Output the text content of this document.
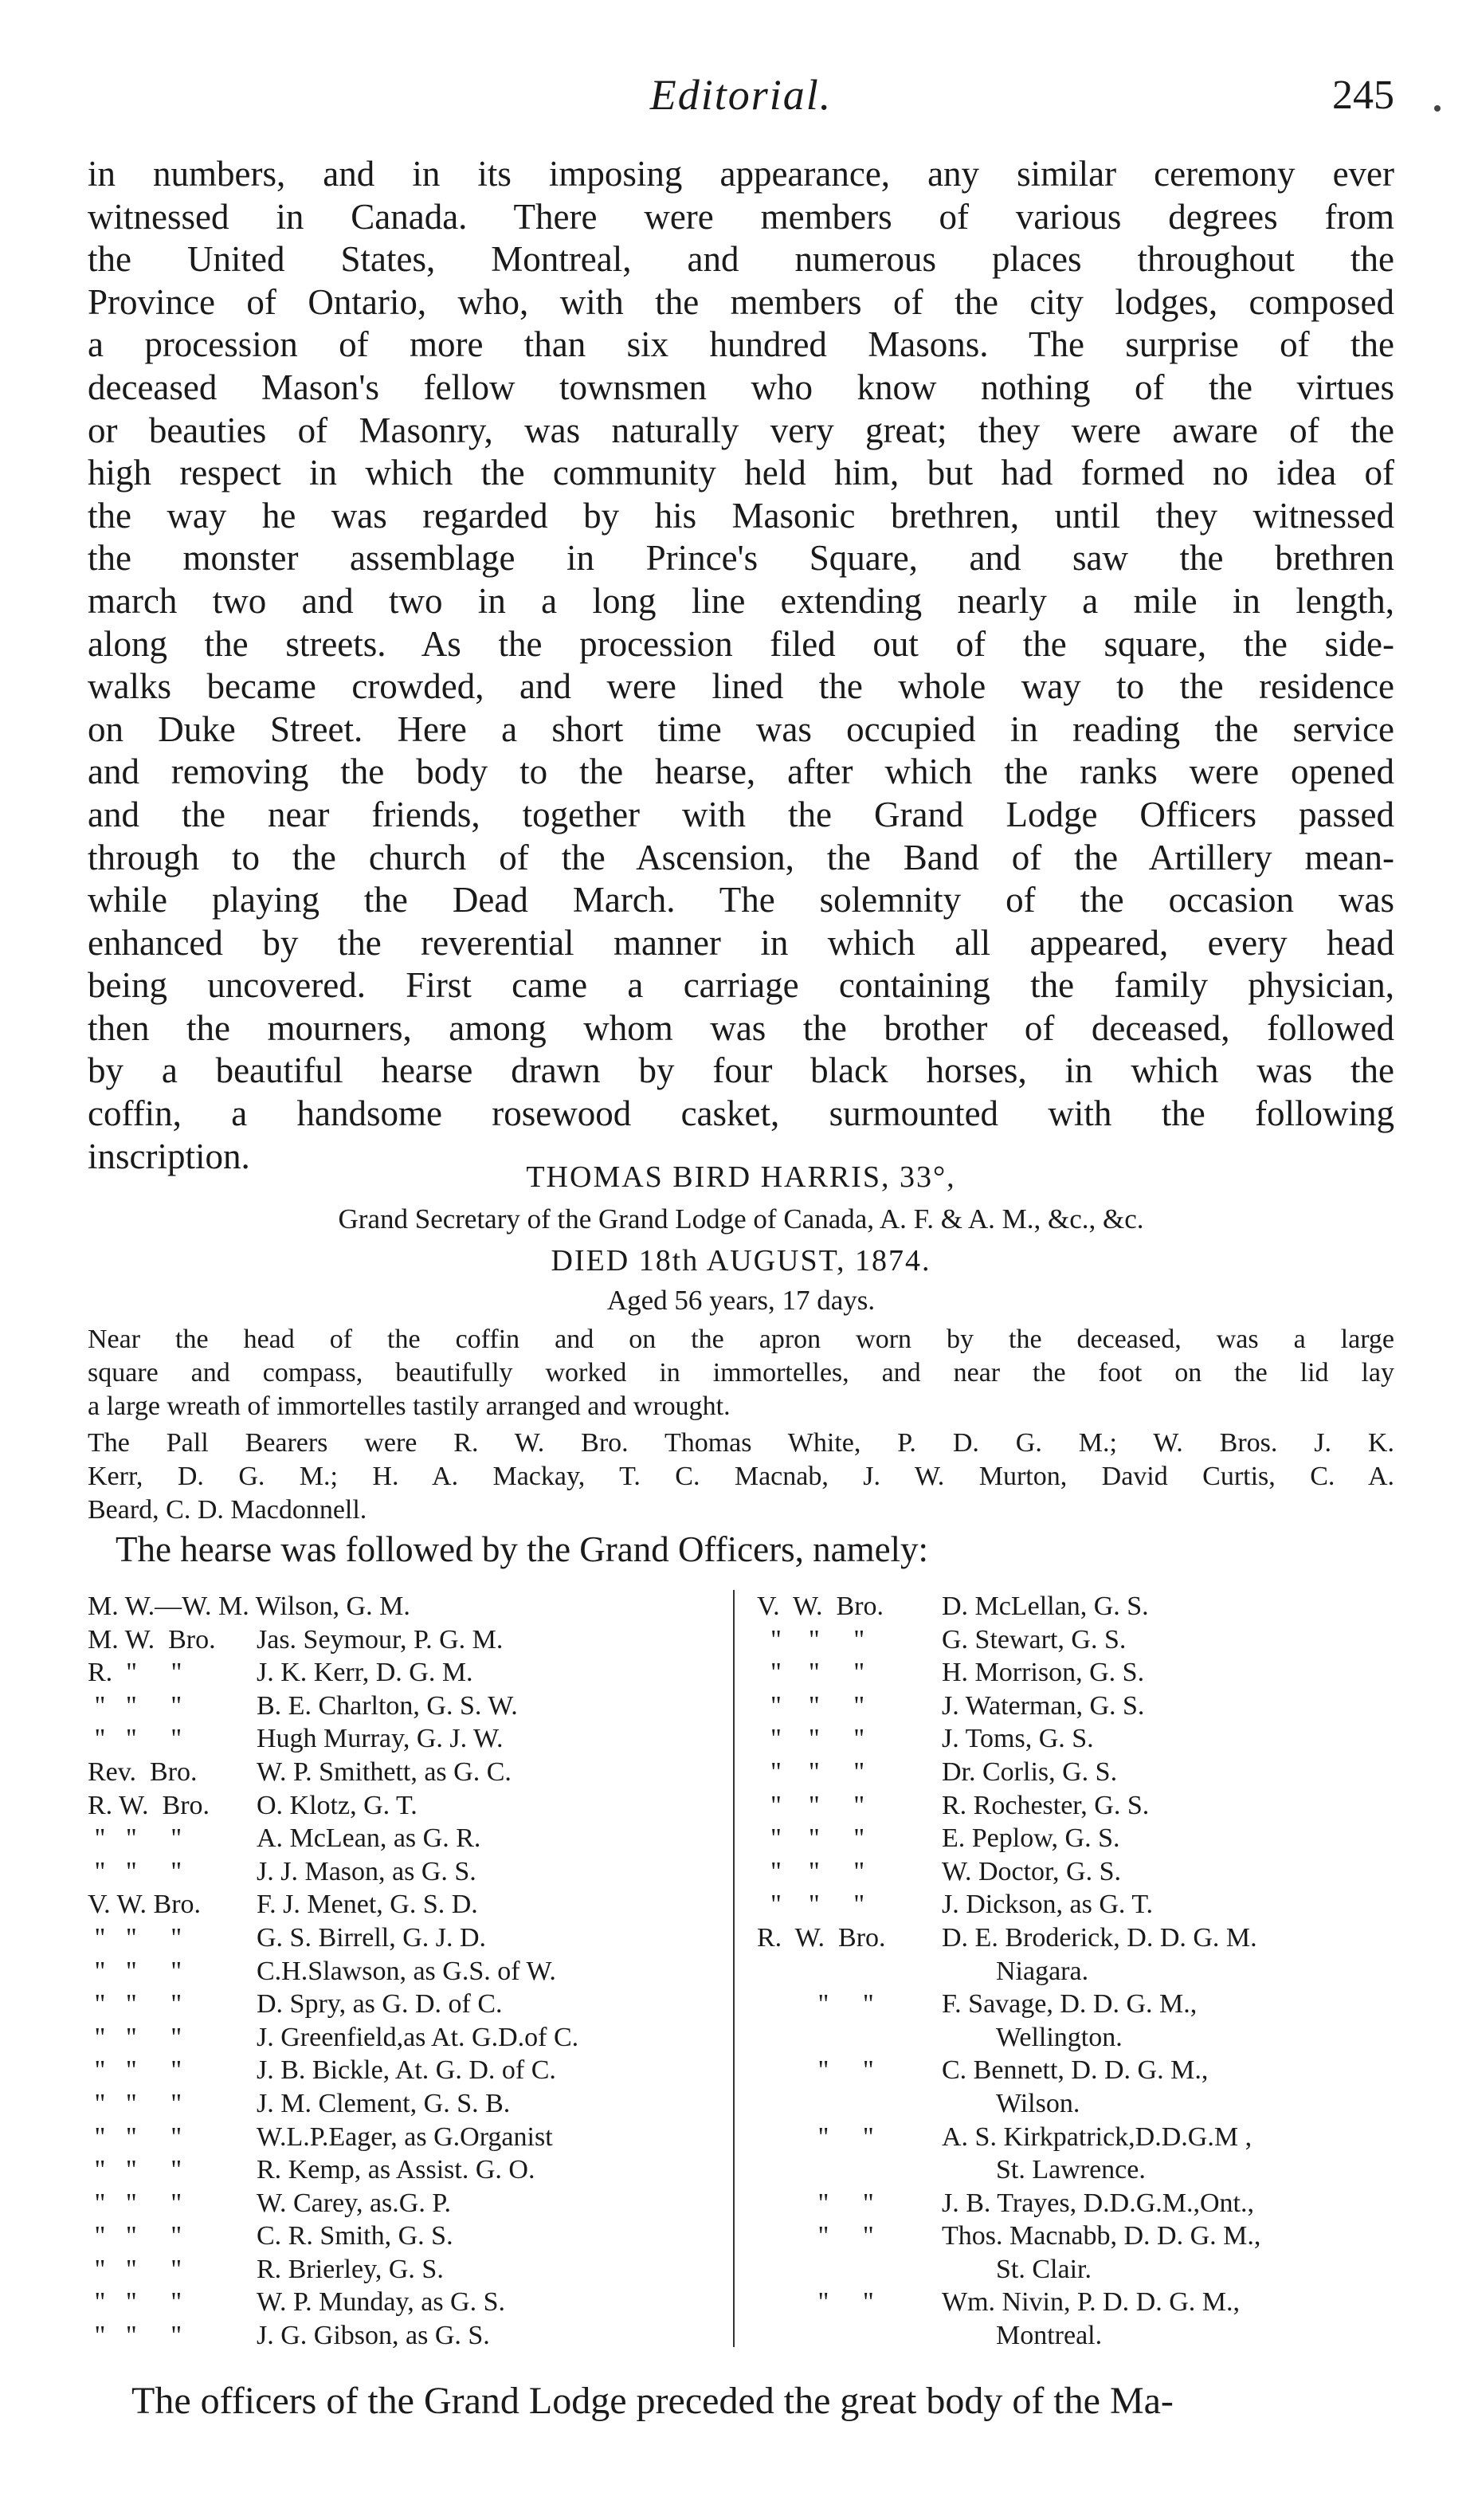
Editorial.	245
in numbers, and in its imposing appearance, any similar ceremony ever
witnessed in Canada. There were members of various degrees from
the United States, Montreal, and numerous places throughout the
Province of Ontario, who, with the members of the city lodges, composed
a procession of more than six hundred Masons. The surprise of the
deceased Mason's fellow townsmen who know nothing of the virtues
or beauties of Masonry, was naturally very great; they were aware of the
high respect in which the community held him, but had formed no idea of
the way he was regarded by his Masonic brethren, until they witnessed
the monster assemblage in Prince's Square, and saw the brethren
march two and two in a long line extending nearly a mile in length,
along the streets. As the procession filed out of the square, the side-
walks became crowded, and were lined the whole way to the residence
on Duke Street. Here a short time was occupied in reading the service
and removing the body to the hearse, after which the ranks were opened
and the near friends, together with the Grand Lodge Officers passed
through to the church of the Ascension, the Band of the Artillery mean-
while playing the Dead March. The solemnity of the occasion was
enhanced by the reverential manner in which all appeared, every head
being uncovered. First came a carriage containing the family physician,
then the mourners, among whom was the brother of deceased, followed
by a beautiful hearse drawn by four black horses, in which was the
coffin, a handsome rosewood casket, surmounted with the following
inscription.
THOMAS BIRD HARRIS, 33°,
Grand Secretary of the Grand Lodge of Canada, A. F. & A. M., &c., &c.
DIED 18th AUGUST, 1874.
Aged 56 years, 17 days.
Near the head of the coffin and on the apron worn by the deceased, was a large
square and compass, beautifully worked in immortelles, and near the foot on the lid lay
a large wreath of immortelles tastily arranged and wrought.
The Pall Bearers were R. W. Bro. Thomas White, P. D. G. M.; W. Bros. J. K.
Kerr, D. G. M.; H. A. Mackay, T. C. Macnab, J. W. Murton, David Curtis, C. A.
Beard, C. D. Macdonnell.
The hearse was followed by the Grand Officers, namely:
M. W.—W. M. Wilson, G. M.
M. W.  Bro. Jas. Seymour, P. G. M.
R.  "     "	J. K. Kerr, D. G. M.
"   "     "	B. E. Charlton, G. S. W.
"   "     "	Hugh Murray, G. J. W.
Rev.  Bro. W. P. Smithett, as G. C.
R. W.  Bro. O. Klotz, G. T.
"   "     "	A. McLean, as G. R.
"   "     "	J. J. Mason, as G. S.
V. W. Bro. F. J. Menet, G. S. D.
"   "     "	G. S. Birrell, G. J. D.
"   "     "	C.H.Slawson, as G.S. of W.
"   "     "	D. Spry, as G. D. of C.
"   "     "	J. Greenfield,as At. G.D.of C.
"   "     "	J. B. Bickle, At. G. D. of C.
"   "     "	J. M. Clement, G. S. B.
"   "     "	W.L.P.Eager, as G.Organist
"   "     "	R. Kemp, as Assist. G. O.
"   "     "	W. Carey, as.G. P.
"   "     "	C. R. Smith, G. S.
"   "     "	R. Brierley, G. S.
"   "     "	W. P. Munday, as G. S.
"   "     "	J. G. Gibson, as G. S.
V.  W.  Bro. D. McLellan, G. S.
"    "     "	G. Stewart, G. S.
"    "     "	H. Morrison, G. S.
"    "     "	J. Waterman, G. S.
"    "     "	J. Toms, G. S.
"    "     "	Dr. Corlis, G. S.
"    "     "	R. Rochester, G. S.
"    "     "	E. Peplow, G. S.
"    "     "	W. Doctor, G. S.
"    "     "	J. Dickson, as G. T.
R.  W.  Bro. D. E. Broderick, D. D. G. M.
Niagara.
"     "	F. Savage, D. D. G. M.,
Wellington.
"     "	C. Bennett, D. D. G. M.,
Wilson.
"     "	A. S. Kirkpatrick,D.D.G.M ,
St. Lawrence.
"     "	J. B. Trayes, D.D.G.M.,Ont.,
"     "	Thos. Macnabb, D. D. G. M.,
St. Clair.
"     "	Wm. Nivin, P. D. D. G. M.,
Montreal.
The officers of the Grand Lodge preceded the great body of the Ma-
